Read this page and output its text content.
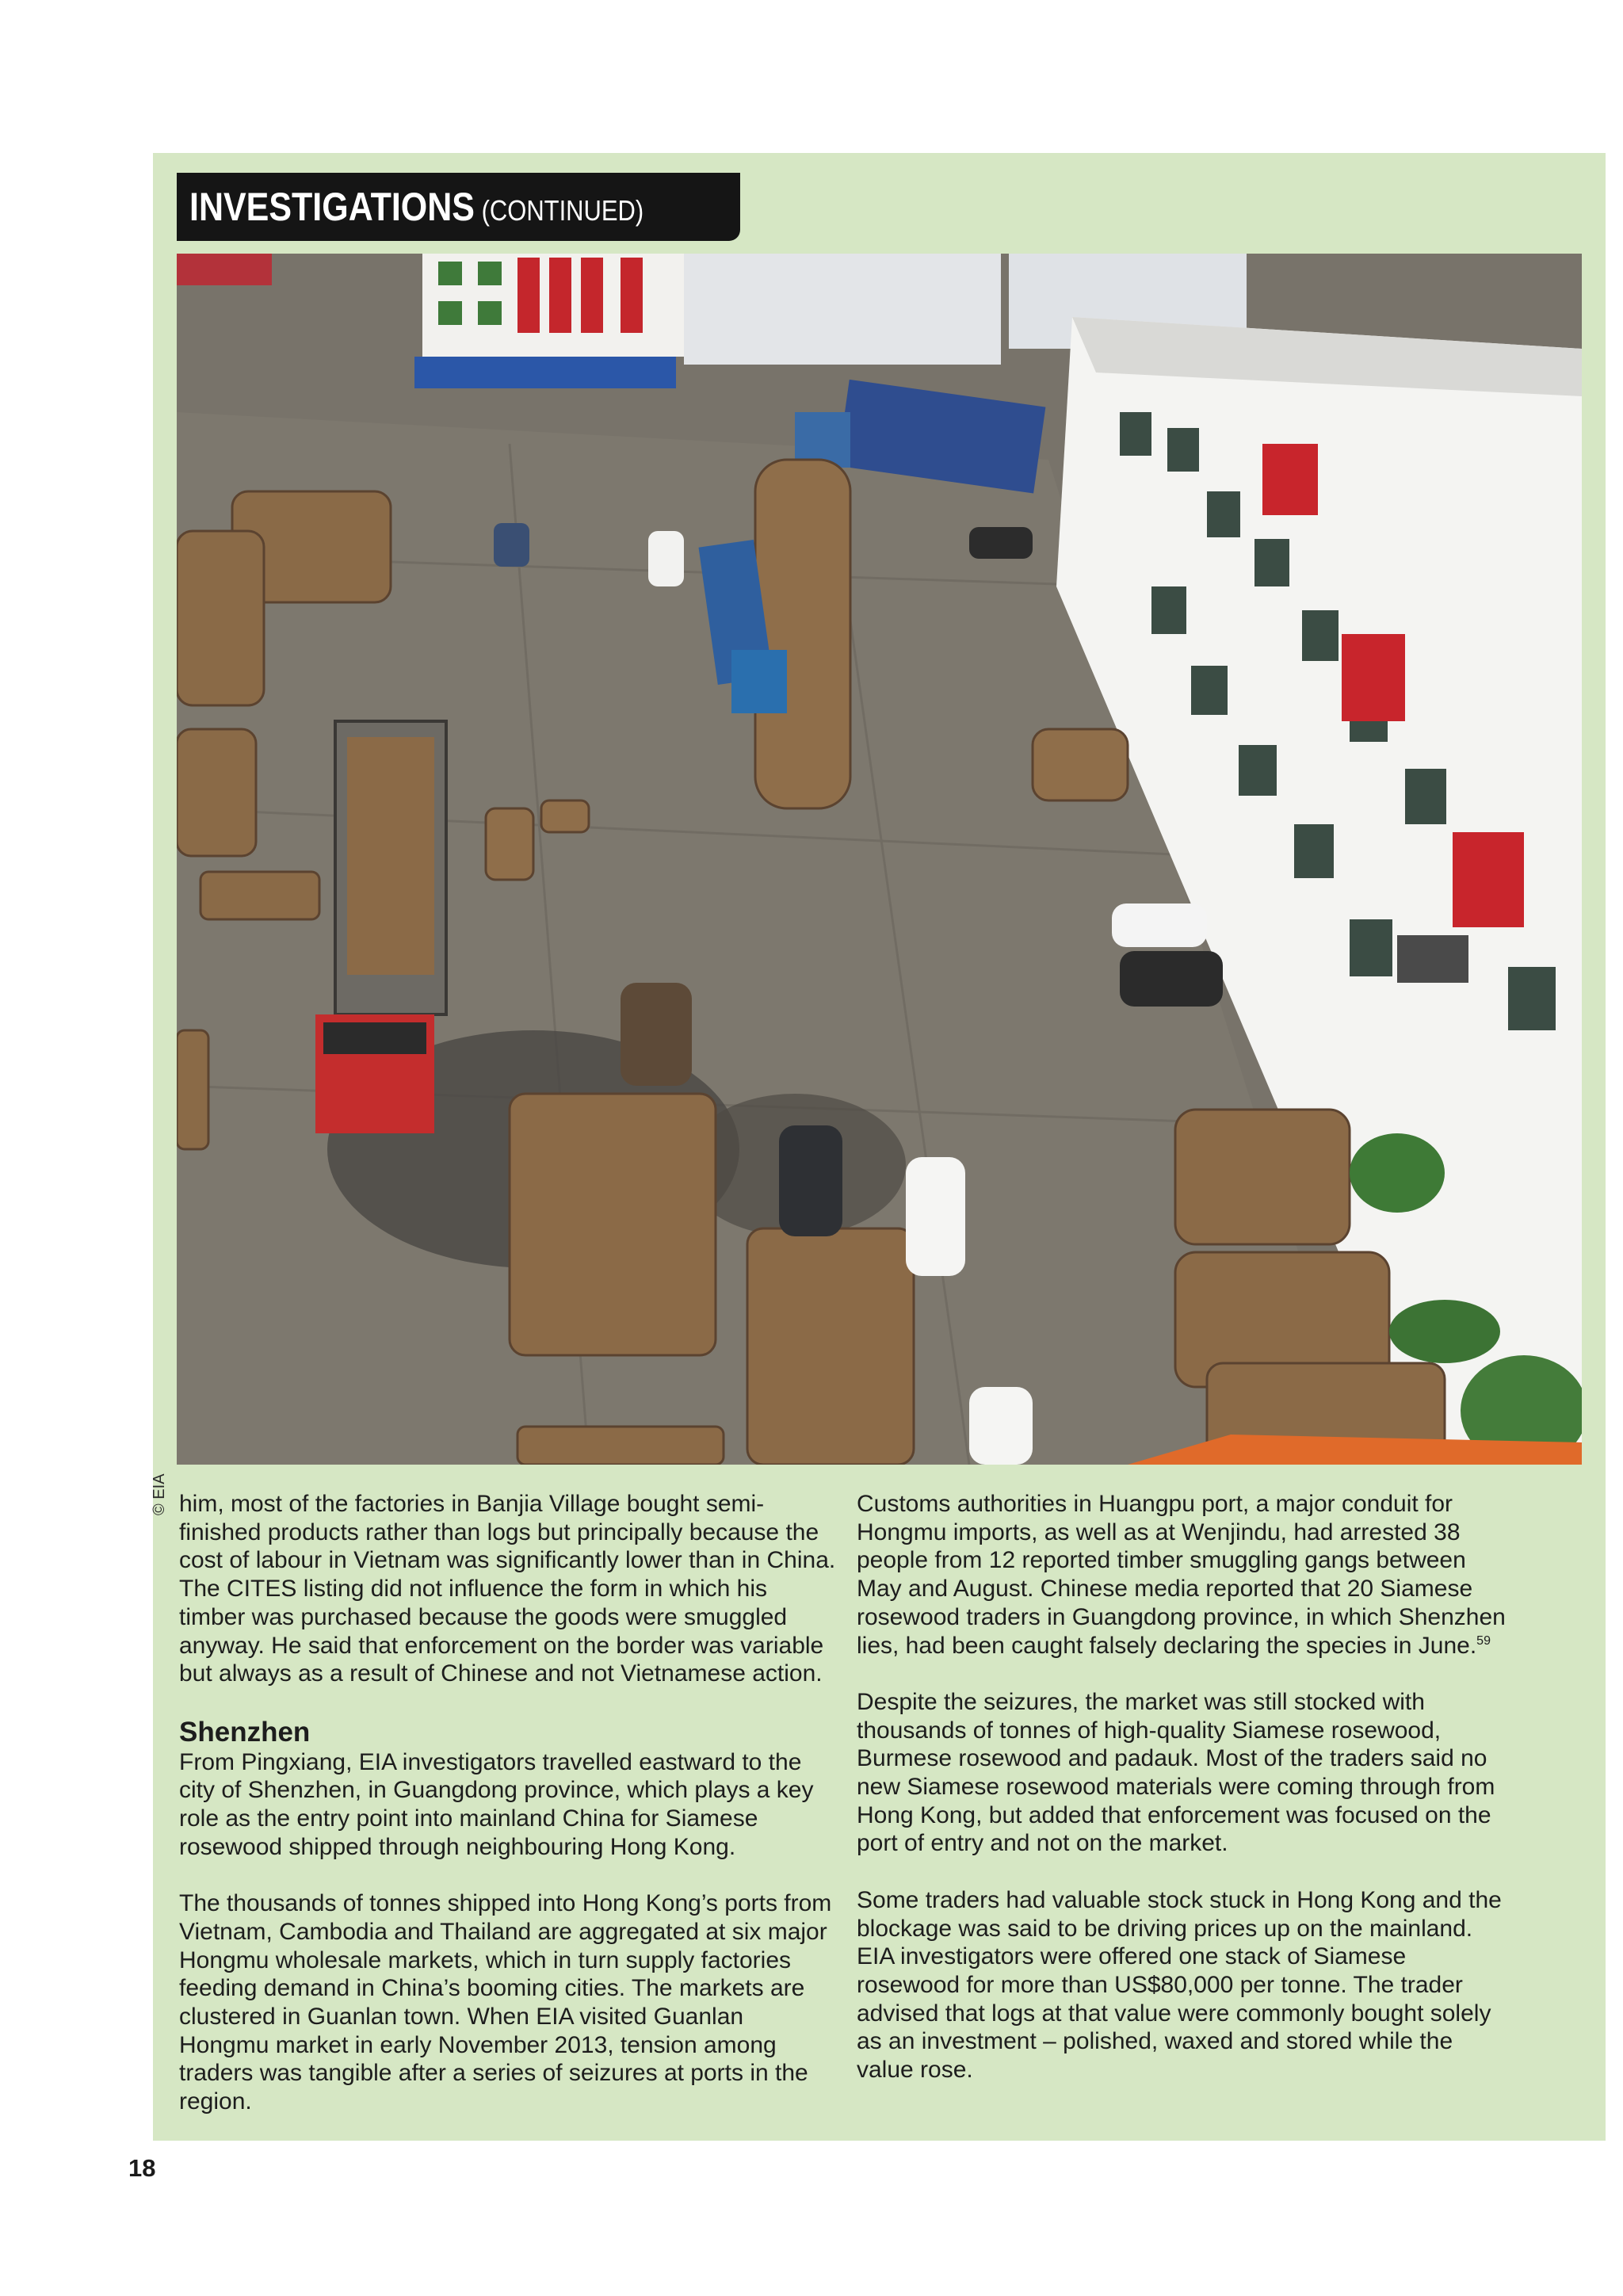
INVESTIGATIONS (CONTINUED)
© EIA him, most of the factories in Banjia Village bought semi-finished products rather than logs but principally because the cost of labour in Vietnam was significantly lower than in China. The CITES listing did not influence the form in which his timber was purchased because the goods were smuggled anyway. He said that enforcement on the border was variable but always as a result of Chinese and not Vietnamese action.

Shenzhen

From Pingxiang, EIA investigators travelled eastward to the city of Shenzhen, in Guangdong province, which plays a key role as the entry point into mainland China for Siamese rosewood shipped through neighbouring Hong Kong.

The thousands of tonnes shipped into Hong Kong’s ports from Vietnam, Cambodia and Thailand are aggregated at six major Hongmu wholesale markets, which in turn supply factories feeding demand in China’s booming cities. The markets are clustered in Guanlan town. When EIA visited Guanlan Hongmu market in early November 2013, tension among traders was tangible after a series of seizures at ports in the region.

Customs authorities in Huangpu port, a major conduit for Hongmu imports, as well as at Wenjindu, had arrested 38 people from 12 reported timber smuggling gangs between May and August. Chinese media reported that 20 Siamese rosewood traders in Guangdong province, in which Shenzhen lies, had been caught falsely declaring the species in June.$^{59}$

Despite the seizures, the market was still stocked with thousands of tonnes of high-quality Siamese rosewood, Burmese rosewood and padauk. Most of the traders said no new Siamese rosewood materials were coming through from Hong Kong, but added that enforcement was focused on the port of entry and not on the market.

Some traders had valuable stock stuck in Hong Kong and the blockage was said to be driving prices up on the mainland. EIA investigators were offered one stack of Siamese rosewood for more than US$80,000 per tonne. The trader advised that logs at that value were commonly bought solely as an investment – polished, waxed and stored while the value rose.

18
